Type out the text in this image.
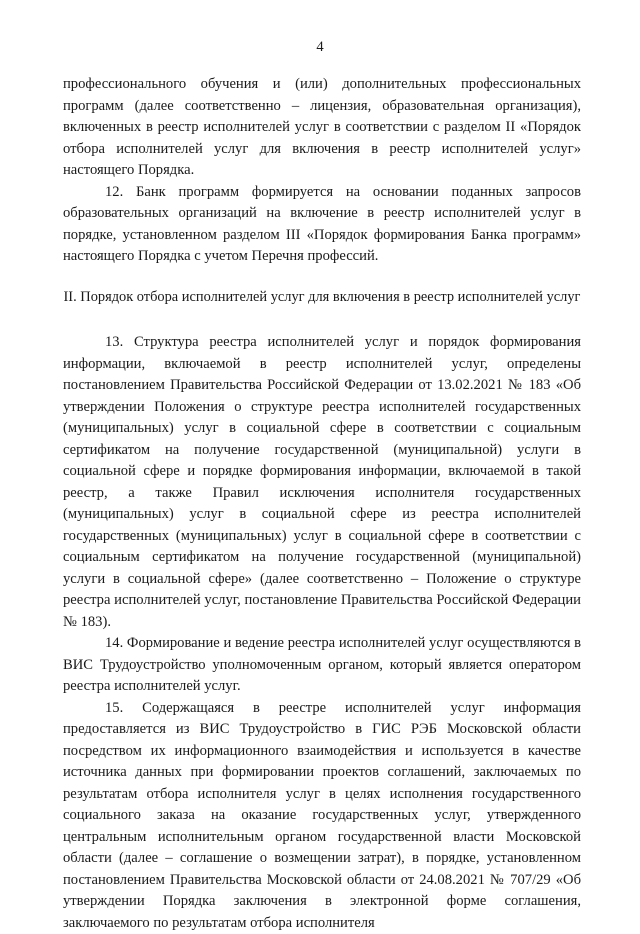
4

профессионального обучения и (или) дополнительных профессиональных программ (далее соответственно – лицензия, образовательная организация), включенных в реестр исполнителей услуг в соответствии с разделом II «Порядок отбора исполнителей услуг для включения в реестр исполнителей услуг» настоящего Порядка.

12. Банк программ формируется на основании поданных запросов образовательных организаций на включение в реестр исполнителей услуг в порядке, установленном разделом III «Порядок формирования Банка программ» настоящего Порядка с учетом Перечня профессий.

II. Порядок отбора исполнителей услуг для включения в реестр исполнителей услуг

13. Структура реестра исполнителей услуг и порядок формирования информации, включаемой в реестр исполнителей услуг, определены постановлением Правительства Российской Федерации от 13.02.2021 № 183 «Об утверждении Положения о структуре реестра исполнителей государственных (муниципальных) услуг в социальной сфере в соответствии с социальным сертификатом на получение государственной (муниципальной) услуги в социальной сфере и порядке формирования информации, включаемой в такой реестр, а также Правил исключения исполнителя государственных (муниципальных) услуг в социальной сфере из реестра исполнителей государственных (муниципальных) услуг в социальной сфере в соответствии с социальным сертификатом на получение государственной (муниципальной) услуги в социальной сфере» (далее соответственно – Положение о структуре реестра исполнителей услуг, постановление Правительства Российской Федерации № 183).

14. Формирование и ведение реестра исполнителей услуг осуществляются в ВИС Трудоустройство уполномоченным органом, который является оператором реестра исполнителей услуг.

15. Содержащаяся в реестре исполнителей услуг информация предоставляется из ВИС Трудоустройство в ГИС РЭБ Московской области посредством их информационного взаимодействия и используется в качестве источника данных при формировании проектов соглашений, заключаемых по результатам отбора исполнителя услуг в целях исполнения государственного социального заказа на оказание государственных услуг, утвержденного центральным исполнительным органом государственной власти Московской области (далее – соглашение о возмещении затрат), в порядке, установленном постановлением Правительства Московской области от 24.08.2021 № 707/29 «Об утверждении Порядка заключения в электронной форме соглашения, заключаемого по результатам отбора исполнителя
